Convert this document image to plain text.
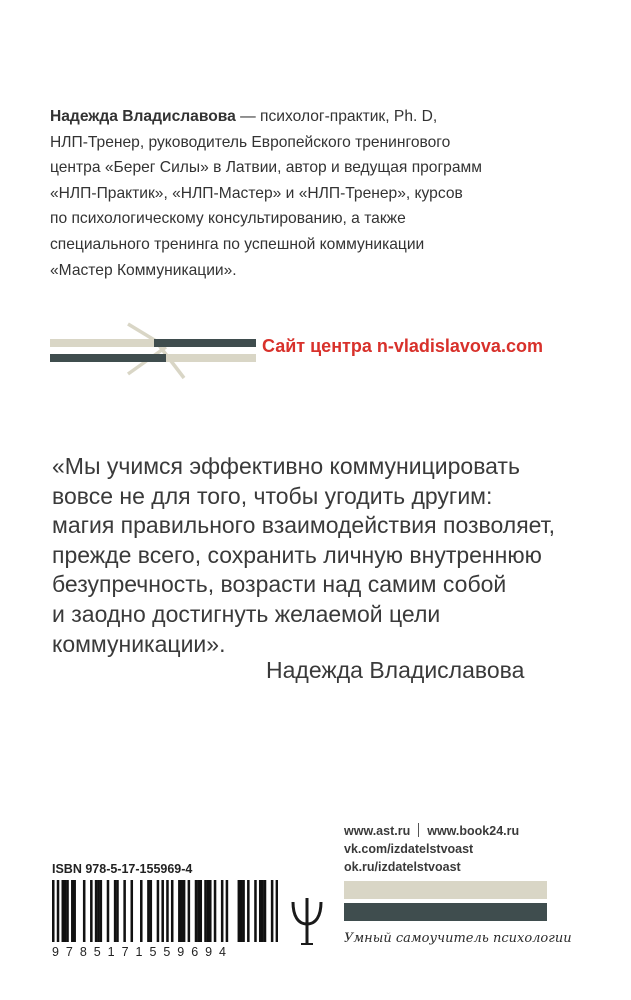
Надежда Владиславова — психолог-практик, Ph. D,
НЛП-Тренер, руководитель Европейского тренингового
центра «Берег Силы» в Латвии, автор и ведущая программ
«НЛП-Практик», «НЛП-Мастер» и «НЛП-Тренер», курсов
по психологическому консультированию, а также
специального тренинга по успешной коммуникации
«Мастер Коммуникации».

Сайт центра n-vladislavova.com

«Мы учимся эффективно коммуницировать
вовсе не для того, чтобы угодить другим:
магия правильного взаимодействия позволяет,
прежде всего, сохранить личную внутреннюю
безупречность, возрасти над самим собой
и заодно достигнуть желаемой цели
коммуникации».

Надежда Владиславова
www.ast.ru www.book24.ru
vk.com/izdatelstvoast
ok.ru/izdatelstvoast
ISBN 978-5-17-155969-4
9785171559694
Умный самоучитель психологии
